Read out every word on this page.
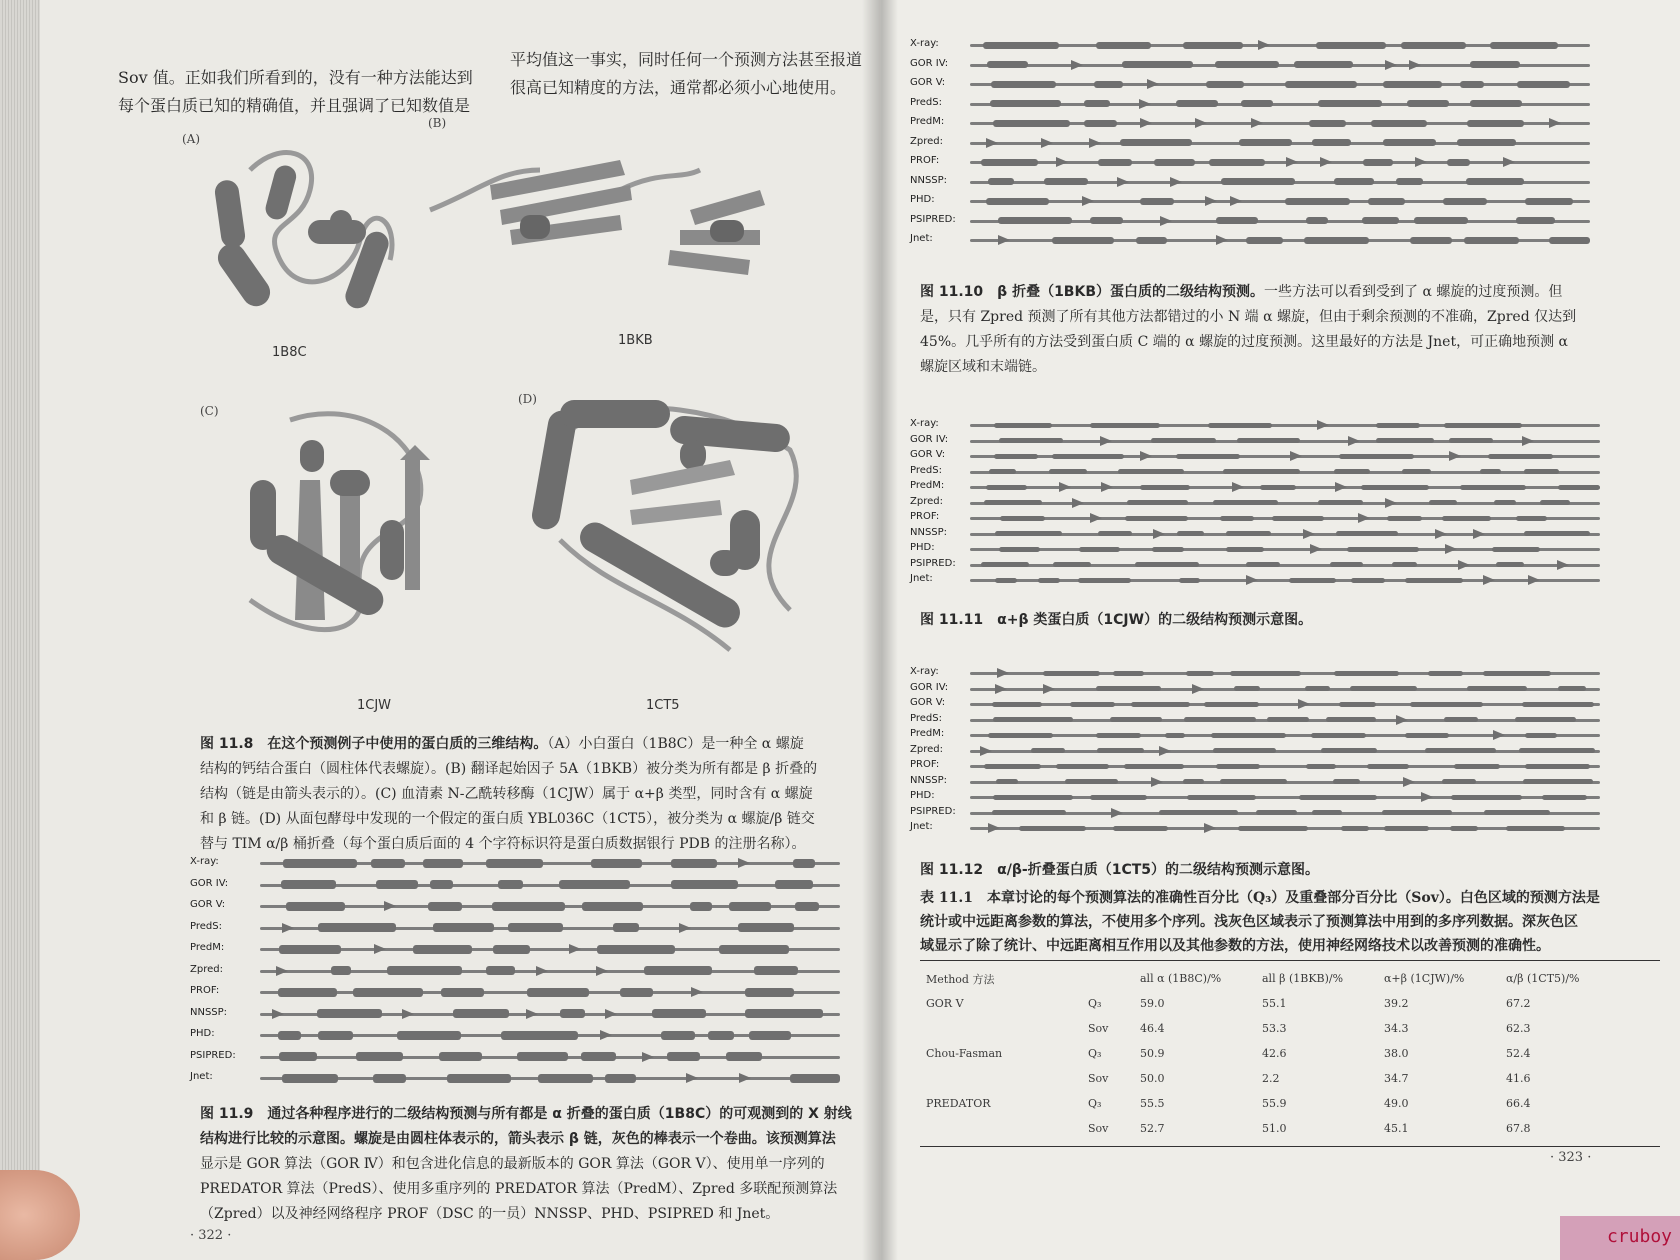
Sov 值。正如我们所看到的，没有一种方法能达到
每个蛋白质已知的精确值，并且强调了已知数值是
平均值这一事实，同时任何一个预测方法甚至报道
很高已知精度的方法，通常都必须小心地使用。
(A)
1B8C
(B)
1BKB
(C)
1CJW
(D)
1CT5
图 11.8　 在这个预测例子中使用的蛋白质的三维结构。（A）小白蛋白（1B8C）是一种全 α 螺旋
结构的钙结合蛋白（圆柱体代表螺旋）。(B) 翻译起始因子 5A（1BKB）被分类为所有都是 β 折叠的
结构（链是由箭头表示的）。(C) 血清素 N-乙酰转移酶（1CJW）属于 α+β 类型，同时含有 α 螺旋
和 β 链。(D) 从面包酵母中发现的一个假定的蛋白质 YBL036C（1CT5），被分类为 α 螺旋/β 链交
替与 TIM α/β 桶折叠（每个蛋白质后面的 4 个字符标识符是蛋白质数据银行 PDB 的注册名称）。
X-ray:
GOR IV:
GOR V:
PredS:
PredM:
Zpred:
PROF:
NNSSP:
PHD:
PSIPRED:
Jnet:
图 11.9　 通过各种程序进行的二级结构预测与所有都是 α 折叠的蛋白质（1B8C）的可观测到的 X 射线
结构进行比较的示意图。螺旋是由圆柱体表示的，箭头表示 β 链，灰色的棒表示一个卷曲。该预测算法
显示是 GOR 算法（GOR Ⅳ）和包含进化信息的最新版本的 GOR 算法（GOR Ⅴ）、使用单一序列的
PREDATOR 算法（PredS）、使用多重序列的 PREDATOR 算法（PredM）、Zpred 多联配预测算法
（Zpred）以及神经网络程序 PROF（DSC 的一员）NNSSP、PHD、PSIPRED 和 Jnet。
· 322 ·
X-ray:
GOR IV:
GOR V:
PredS:
PredM:
Zpred:
PROF:
NNSSP:
PHD:
PSIPRED:
Jnet:
图 11.10　 β 折叠（1BKB）蛋白质的二级结构预测。一些方法可以看到受到了 α 螺旋的过度预测。但
是，只有 Zpred 预测了所有其他方法都错过的小 N 端 α 螺旋，但由于剩余预测的不准确，Zpred 仅达到
45%。几乎所有的方法受到蛋白质 C 端的 α 螺旋的过度预测。这里最好的方法是 Jnet，可正确地预测 α
螺旋区域和末端链。
X-ray:
GOR IV:
GOR V:
PredS:
PredM:
Zpred:
PROF:
NNSSP:
PHD:
PSIPRED:
Jnet:
图 11.11　 α+β 类蛋白质（1CJW）的二级结构预测示意图。
X-ray:
GOR IV:
GOR V:
PredS:
PredM:
Zpred:
PROF:
NNSSP:
PHD:
PSIPRED:
Jnet:
图 11.12　 α/β-折叠蛋白质（1CT5）的二级结构预测示意图。
表 11.1　本章讨论的每个预测算法的准确性百分比（Q₃）及重叠部分百分比（Sov）。白色区域的预测方法是
统计或中远距离参数的算法，不使用多个序列。浅灰色区域表示了预测算法中用到的多序列数据。深灰色区
域显示了除了统计、中远距离相互作用以及其他参数的方法，使用神经网络技术以改善预测的准确性。
Method 方法		all α (1B8C)/%	all β (1BKB)/%	α+β (1CJW)/%	α/β (1CT5)/%
GOR Ⅴ	Q₃	59.0	55.1	39.2	67.2
	Sov	46.4	53.3	34.3	62.3
Chou-Fasman	Q₃	50.9	42.6	38.0	52.4
	Sov	50.0	2.2	34.7	41.6
PREDATOR	Q₃	55.5	55.9	49.0	66.4
	Sov	52.7	51.0	45.1	67.8
· 323 ·
cruboy
